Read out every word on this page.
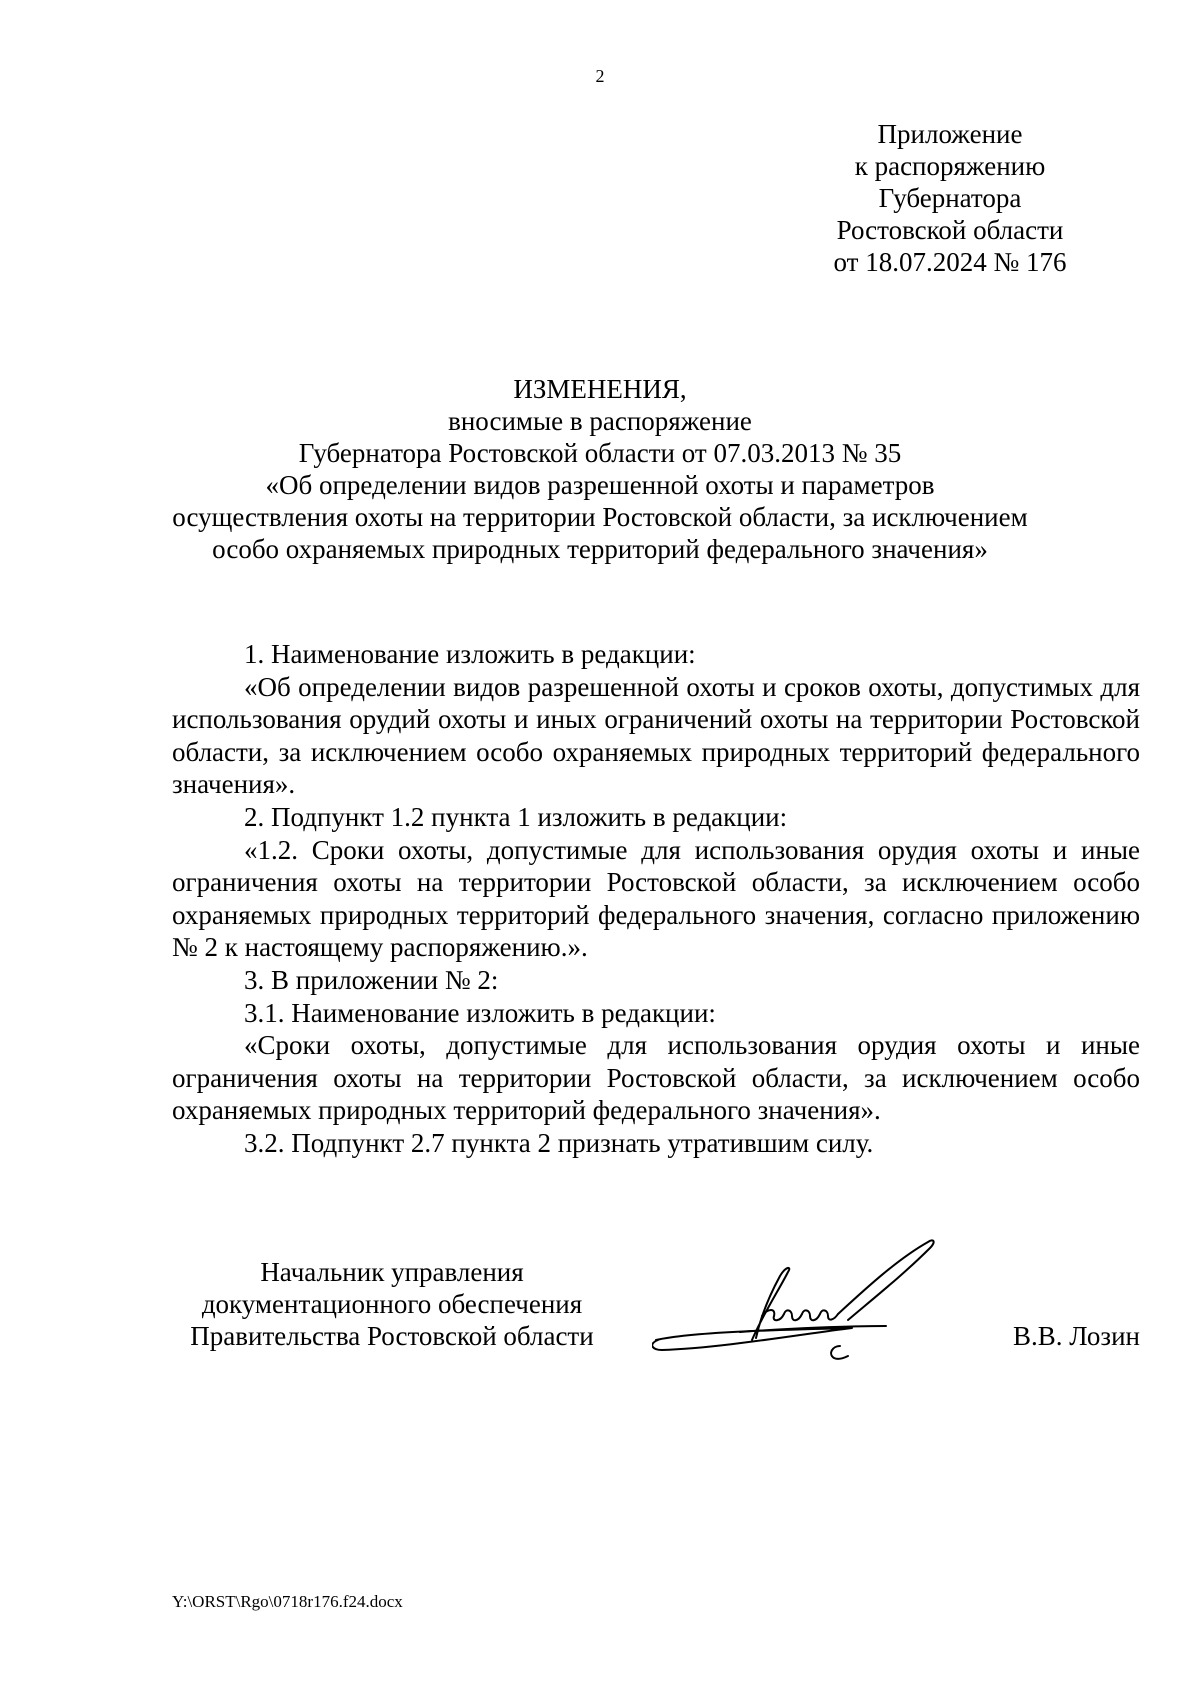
2
Приложение
к распоряжению
Губернатора
Ростовской области
от 18.07.2024 № 176
ИЗМЕНЕНИЯ,
вносимые в распоряжение
Губернатора Ростовской области от 07.03.2013 № 35
«Об определении видов разрешенной охоты и параметров
осуществления охоты на территории Ростовской области, за исключением
особо охраняемых природных территорий федерального значения»

1. Наименование изложить в редакции:

«Об определении видов разрешенной охоты и сроков охоты, допустимых для использования орудий охоты и иных ограничений охоты на территории Ростовской области, за исключением особо охраняемых природных территорий федерального значения».

2. Подпункт 1.2 пункта 1 изложить в редакции:

«1.2. Сроки охоты, допустимые для использования орудия охоты и иные ограничения охоты на территории Ростовской области, за исключением особо охраняемых природных территорий федерального значения, согласно приложению № 2 к настоящему распоряжению.».

3. В приложении № 2:

3.1. Наименование изложить в редакции:

«Сроки охоты, допустимые для использования орудия охоты и иные ограничения охоты на территории Ростовской области, за исключением особо охраняемых природных территорий федерального значения».

3.2. Подпункт 2.7 пункта 2 признать утратившим силу.

Начальник управления
документационного обеспечения
Правительства Ростовской области	В.В. Лозин
Y:\ORST\Rgo\0718r176.f24.docx
